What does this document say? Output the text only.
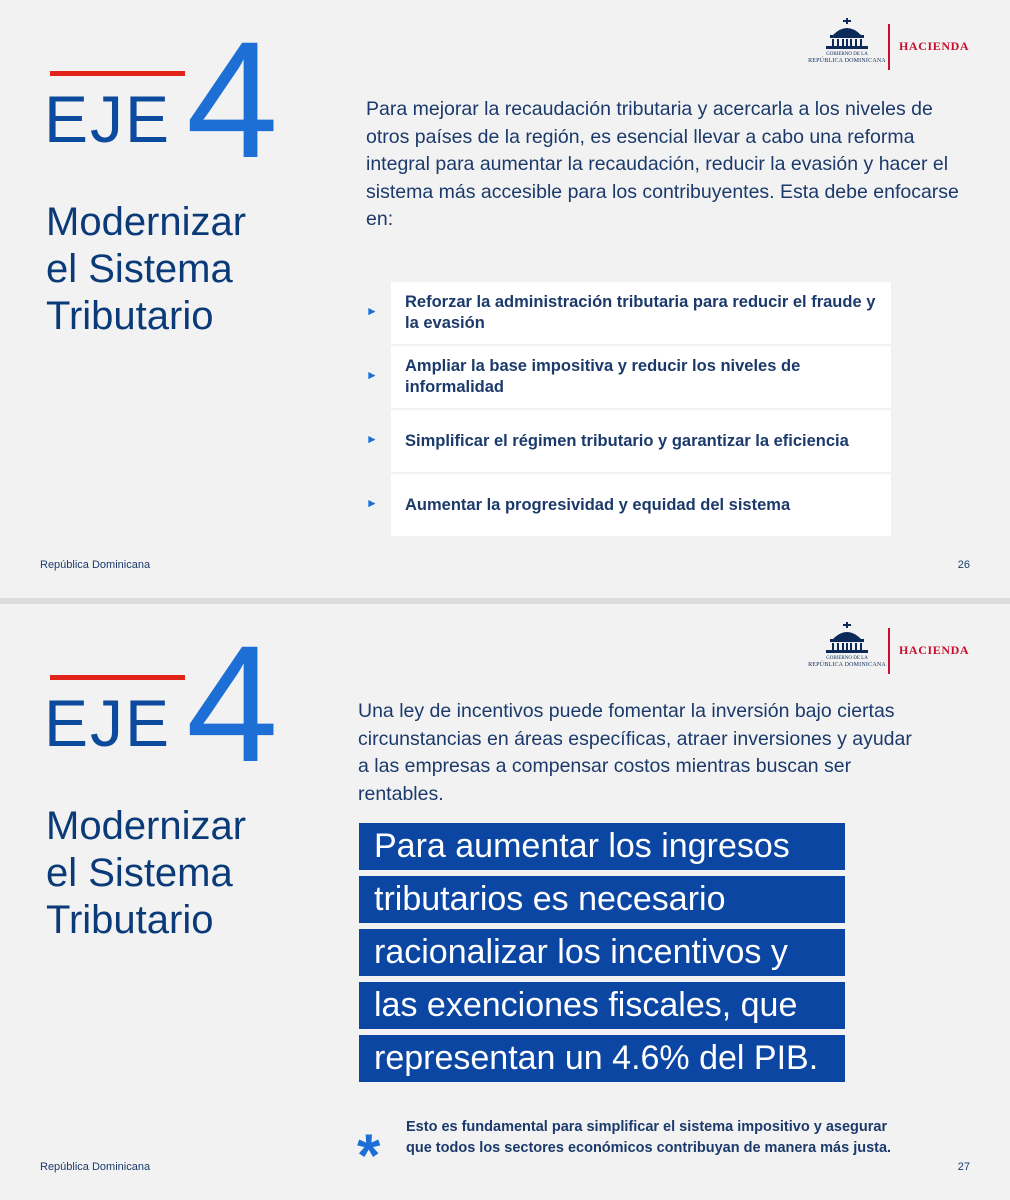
EJE 4
Modernizar
el Sistema
Tributario
GOBIERNO DE LA
REPÚBLICA DOMINICANA
HACIENDA
Para mejorar la recaudación tributaria y acercarla a los niveles de otros países de la región, es esencial llevar a cabo una reforma integral para aumentar la recaudación, reducir la evasión y hacer el sistema más accesible para los contribuyentes. Esta debe enfocarse en:
► Reforzar la administración tributaria para reducir el fraude y la evasión
► Ampliar la base impositiva y reducir los niveles de informalidad
► Simplificar el régimen tributario y garantizar la eficiencia
► Aumentar la progresividad y equidad del sistema
República Dominicana	26
EJE 4
Modernizar
el Sistema
Tributario
GOBIERNO DE LA
REPÚBLICA DOMINICANA
HACIENDA
Una ley de incentivos puede fomentar la inversión bajo ciertas circunstancias en áreas específicas, atraer inversiones y ayudar a las empresas a compensar costos mientras buscan ser rentables.
Para aumentar los ingresos
tributarios es necesario
racionalizar los incentivos y
las exenciones fiscales, que
representan un 4.6% del PIB.
* Esto es fundamental para simplificar el sistema impositivo y asegurar que todos los sectores económicos contribuyan de manera más justa.
República Dominicana	27
